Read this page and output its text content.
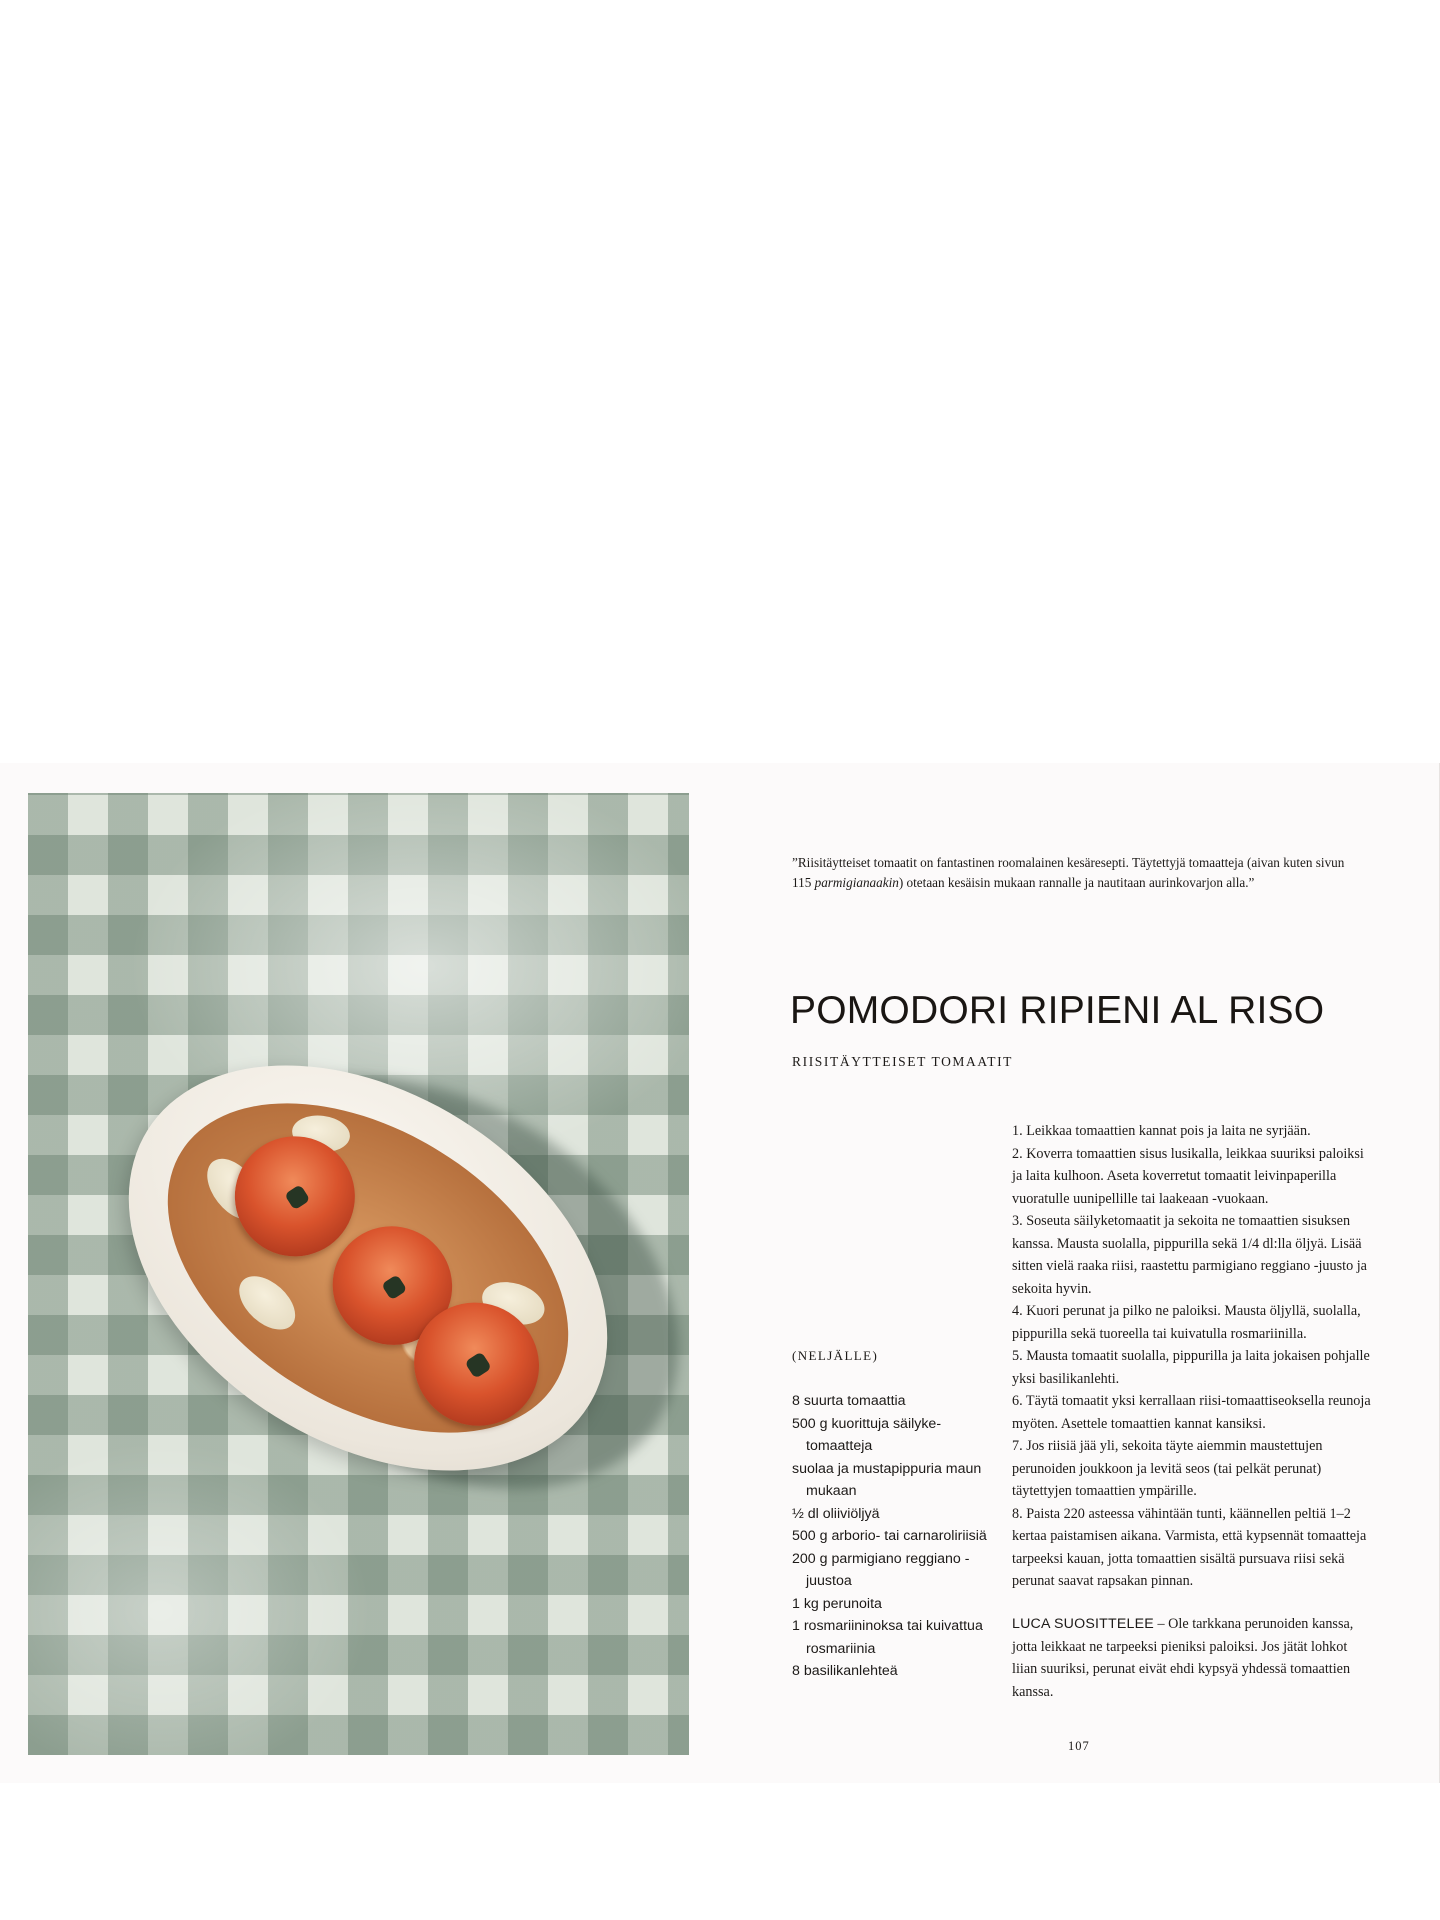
”Riisitäytteiset tomaatit on fantastinen roomalainen kesäresepti. Täytettyjä tomaatteja (aivan kuten sivun 115 parmigianaakin) otetaan kesäisin mukaan rannalle ja nautitaan aurinkovarjon alla.”

POMODORI RIPIENI AL RISO

RIISITÄYTTEISET TOMAATIT

(NELJÄLLE)

8 suurta tomaattia
500 g kuorittuja säilyke-tomaatteja
suolaa ja mustapippuria maun mukaan
½ dl oliiviöljyä
500 g arborio- tai carnaroliriisiä
200 g parmigiano reggiano -juustoa
1 kg perunoita
1 rosmariininoksa tai kuivattua rosmariinia
8 basilikanlehteä
1. Leikkaa tomaattien kannat pois ja laita ne syrjään.
2. Koverra tomaattien sisus lusikalla, leikkaa suuriksi paloiksi ja laita kulhoon. Aseta koverretut tomaatit leivinpaperilla vuoratulle uunipellille tai laakeaan -vuokaan.
3. Soseuta säilyketomaatit ja sekoita ne tomaattien sisuksen kanssa. Mausta suolalla, pippurilla sekä 1/4 dl:lla öljyä. Lisää sitten vielä raaka riisi, raastettu parmigiano reggiano -juusto ja sekoita hyvin.
4. Kuori perunat ja pilko ne paloiksi. Mausta öljyllä, suolalla, pippurilla sekä tuoreella tai kuivatulla rosmariinilla.
5. Mausta tomaatit suolalla, pippurilla ja laita jokaisen pohjalle yksi basilikanlehti.
6. Täytä tomaatit yksi kerrallaan riisi-tomaattiseoksella reunoja myöten. Asettele tomaattien kannat kansiksi.
7. Jos riisiä jää yli, sekoita täyte aiemmin maustettujen perunoiden joukkoon ja levitä seos (tai pelkät perunat) täytettyjen tomaattien ympärille.
8. Paista 220 asteessa vähintään tunti, käännellen peltiä 1–2 kertaa paistamisen aikana. Varmista, että kypsennät tomaatteja tarpeeksi kauan, jotta tomaattien sisältä pursuava riisi sekä perunat saavat rapsakan pinnan.

LUCA SUOSITTELEE – Ole tarkkana perunoiden kanssa, jotta leikkaat ne tarpeeksi pieniksi paloiksi. Jos jätät lohkot liian suuriksi, perunat eivät ehdi kypsyä yhdessä tomaattien kanssa.

107
